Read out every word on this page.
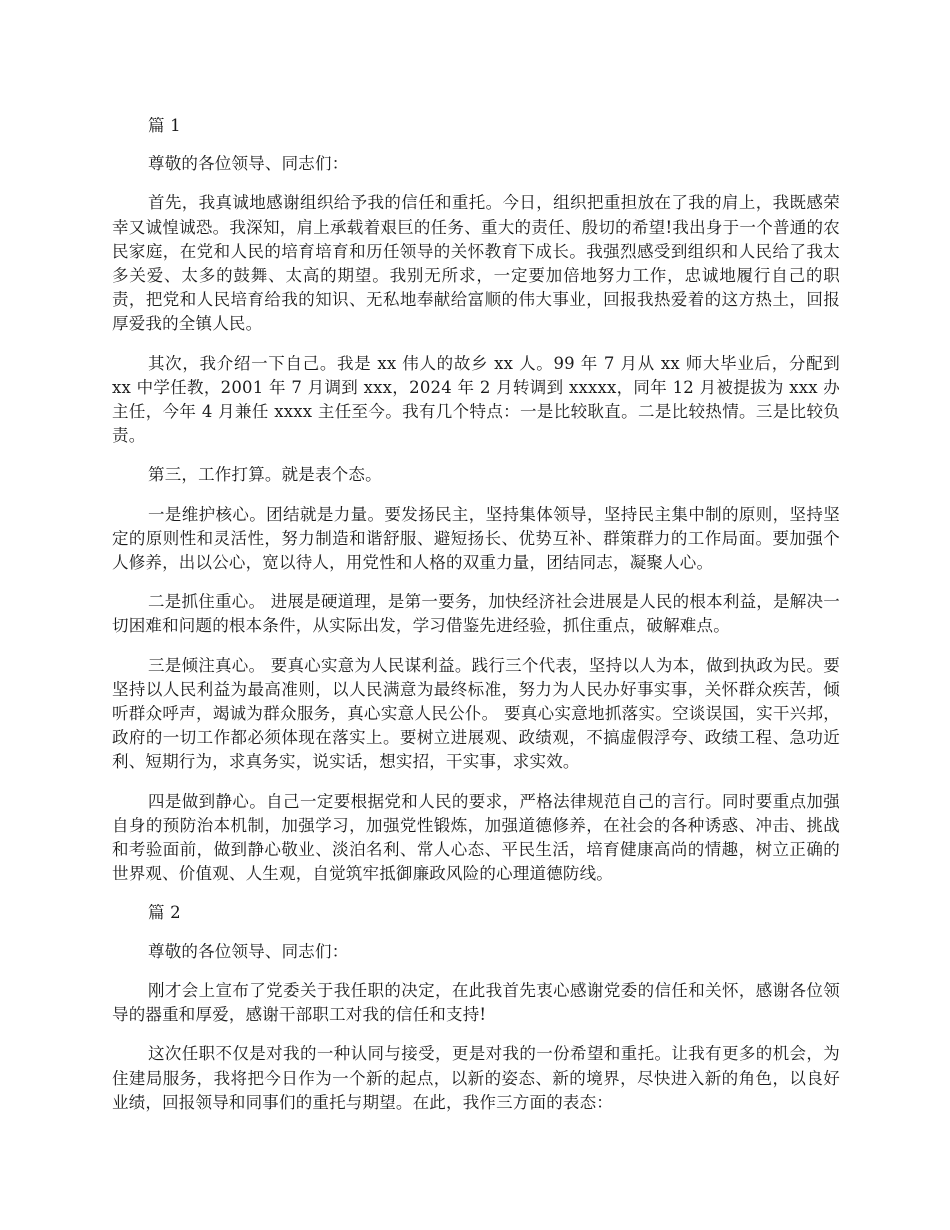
篇 1
尊敬的各位领导、同志们：
首先，我真诚地感谢组织给予我的信任和重托。今日，组织把重担放在了我的肩上，我既感荣幸又诚惶诚恐。我深知，肩上承载着艰巨的任务、重大的责任、殷切的希望!我出身于一个普通的农民家庭，在党和人民的培育培育和历任领导的关怀教育下成长。我强烈感受到组织和人民给了我太多关爱、太多的鼓舞、太高的期望。我别无所求，一定要加倍地努力工作，忠诚地履行自己的职责，把党和人民培育给我的知识、无私地奉献给富顺的伟大事业，回报我热爱着的这方热土，回报厚爱我的全镇人民。
其次，我介绍一下自己。我是 xx 伟人的故乡 xx 人。99 年 7 月从 xx 师大毕业后，分配到 xx 中学任教，2001 年 7 月调到 xxx，2024 年 2 月转调到 xxxxx，同年 12 月被提拔为 xxx 办主任，今年 4 月兼任 xxxx 主任至今。我有几个特点：一是比较耿直。二是比较热情。三是比较负责。
第三，工作打算。就是表个态。
一是维护核心。团结就是力量。要发扬民主，坚持集体领导，坚持民主集中制的原则，坚持坚定的原则性和灵活性，努力制造和谐舒服、避短扬长、优势互补、群策群力的工作局面。要加强个人修养，出以公心，宽以待人，用党性和人格的双重力量，团结同志，凝聚人心。
二是抓住重心。 进展是硬道理，是第一要务，加快经济社会进展是人民的根本利益，是解决一切困难和问题的根本条件，从实际出发，学习借鉴先进经验，抓住重点，破解难点。
三是倾注真心。 要真心实意为人民谋利益。践行三个代表，坚持以人为本，做到执政为民。要坚持以人民利益为最高准则，以人民满意为最终标准，努力为人民办好事实事，关怀群众疾苦，倾听群众呼声，竭诚为群众服务，真心实意人民公仆。 要真心实意地抓落实。空谈误国，实干兴邦，政府的一切工作都必须体现在落实上。要树立进展观、政绩观，不搞虚假浮夸、政绩工程、急功近利、短期行为，求真务实，说实话，想实招，干实事，求实效。
四是做到静心。自己一定要根据党和人民的要求，严格法律规范自己的言行。同时要重点加强自身的预防治本机制，加强学习，加强党性锻炼，加强道德修养，在社会的各种诱惑、冲击、挑战和考验面前，做到静心敬业、淡泊名利、常人心态、平民生活，培育健康高尚的情趣，树立正确的世界观、价值观、人生观，自觉筑牢抵御廉政风险的心理道德防线。
篇 2
尊敬的各位领导、同志们：
刚才会上宣布了党委关于我任职的决定，在此我首先衷心感谢党委的信任和关怀，感谢各位领导的器重和厚爱，感谢干部职工对我的信任和支持!
这次任职不仅是对我的一种认同与接受，更是对我的一份希望和重托。让我有更多的机会，为住建局服务，我将把今日作为一个新的起点，以新的姿态、新的境界，尽快进入新的角色，以良好业绩，回报领导和同事们的重托与期望。在此，我作三方面的表态：
